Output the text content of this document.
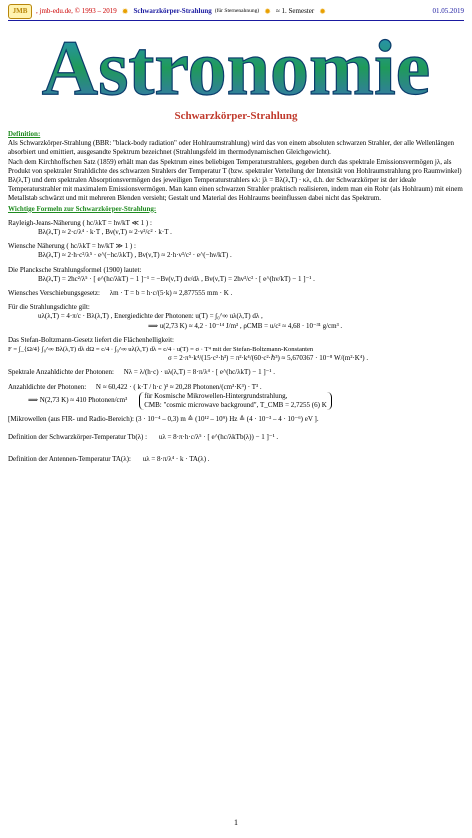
JMB	, jmb-edu.de, © 1993 – 2019 ✹ Schwarzkörper-Strahlung (für Sternenahnung) ✹ ≈ 1. Semester ✹	01.05.2019
Astronomie
Schwarzkörper-Strahlung
Definition:

Als Schwarzkörper-Strahlung (BBR: "black-body radiation" oder Hohlraumstrahlung) wird das von einem absoluten schwarzen Strahler, der alle Wellenlängen absorbiert und emittiert, ausgesandte Spektrum bezeichnet (Strahlungsfeld im thermodynamischen Gleichgewicht).

Nach dem Kirchhoffschen Satz (1859) erhält man das Spektrum eines beliebigen Temperaturstrahlers, gegeben durch das spektrale Emissionsvermögen jλ, als Produkt von spektraler Strahldichte des schwarzen Strahlers der Temperatur T (bzw. spektraler Verteilung der Intensität von Hohlraumstrahlung pro Raumwinkel) Bλ(λ,T) und dem spektralen Absorptionsvermögen des jeweiligen Temperaturstrahlers κλ: jλ = Bλ(λ,T) · κλ, d.h. der Schwarzkörper ist der ideale Temperaturstrahler mit maximalem Emissionsvermögen. Man kann einen schwarzen Strahler praktisch realisieren, indem man ein Rohr (als Hohlraum) mit einem Metallstab schwärzt und mit mehreren Blenden versieht; Gestalt und Material des Hohlraums beeinflussen dabei nicht das Spektrum.

Wichtige Formeln zur Schwarzkörper-Strahlung:

Rayleigh-Jeans-Näherung ( hc/λkT = hν/kT ≪ 1 ) :

Bλ(λ,T) ≈ 2·c/λ⁴ · k·T , Bν(ν,T) ≈ 2·ν²/c² · k·T .

Wiensche Näherung ( hc/λkT = hν/kT ≫ 1 ) :

Bλ(λ,T) ≈ 2·h·c²/λ⁵ · e^(−hc/λkT) , Bν(ν,T) ≈ 2·h·ν³/c² · e^(−hν/kT) .

Die Plancksche Strahlungsformel (1900) lautet:

Bλ(λ,T) = 2hc²/λ⁵ · [ e^(hc/λkT) − 1 ]⁻¹ = −Bν(ν,T) dν/dλ , Bν(ν,T) = 2hν³/c² · [ e^(hν/kT) − 1 ]⁻¹ .

Wiensches Verschiebungsgesetz: λm · T = b = h·c/(5·k) ≈ 2,877555 mm · K .

Für die Strahlungsdichte gilt:

uλ(λ,T) = 4·π/c · Bλ(λ,T) , Energiedichte der Photonen: u(T) = ∫₀^∞ uλ(λ,T) dλ ,

⟹ u(2,73 K) ≈ 4,2 · 10⁻¹⁴ J/m³ , ρCMB = u/c² ≈ 4,68 · 10⁻³¹ g/cm³ .

Das Stefan-Boltzmann-Gesetz liefert die Flächenhelligkeit:

F = ∫_{Ω/4} ∫₀^∞ Bλ(λ,T) dλ dΩ = c/4 · ∫₀^∞ uλ(λ,T) dλ = c/4 · u(T) = σ · T⁴ mit der Stefan-Boltzmann-Konstanten

σ = 2·π⁵·k⁴/(15·c²·h³) = π²·k⁴/(60·c²·ℏ³) ≈ 5,670367 · 10⁻⁸ W/(m²·K⁴) .

Spektrale Anzahldichte der Photonen: Nλ = λ/(h·c) · uλ(λ,T) = 8·π/λ⁴ · [ e^(hc/λkT) − 1 ]⁻¹ .

Anzahldichte der Photonen: N ≈ 60,422 · ( k·T / h·c )³ ≈ 20,28 Photonen/(cm³·K³) · T³ .

⟹ N(2,73 K) ≈ 410 Photonen/cm³
für Kosmische Mikrowellen-Hintergrundstrahlung,
CMB: "cosmic microwave background", T_CMB = 2,7255 (6) K

[Mikrowellen (aus FIR- und Radio-Bereich): (3 · 10⁻⁴ – 0,3) m ≙ (10¹² – 10⁹) Hz ≙ (4 · 10⁻³ – 4 · 10⁻⁶) eV ].

Definition der Schwarzkörper-Temperatur Tb(λ) : uλ = 8·π·h·c/λ⁵ · [ e^(hc/λkTb(λ)) − 1 ]⁻¹ .

Definition der Antennen-Temperatur TA(λ): uλ = 8·π/λ⁴ · k · TA(λ) .

1
